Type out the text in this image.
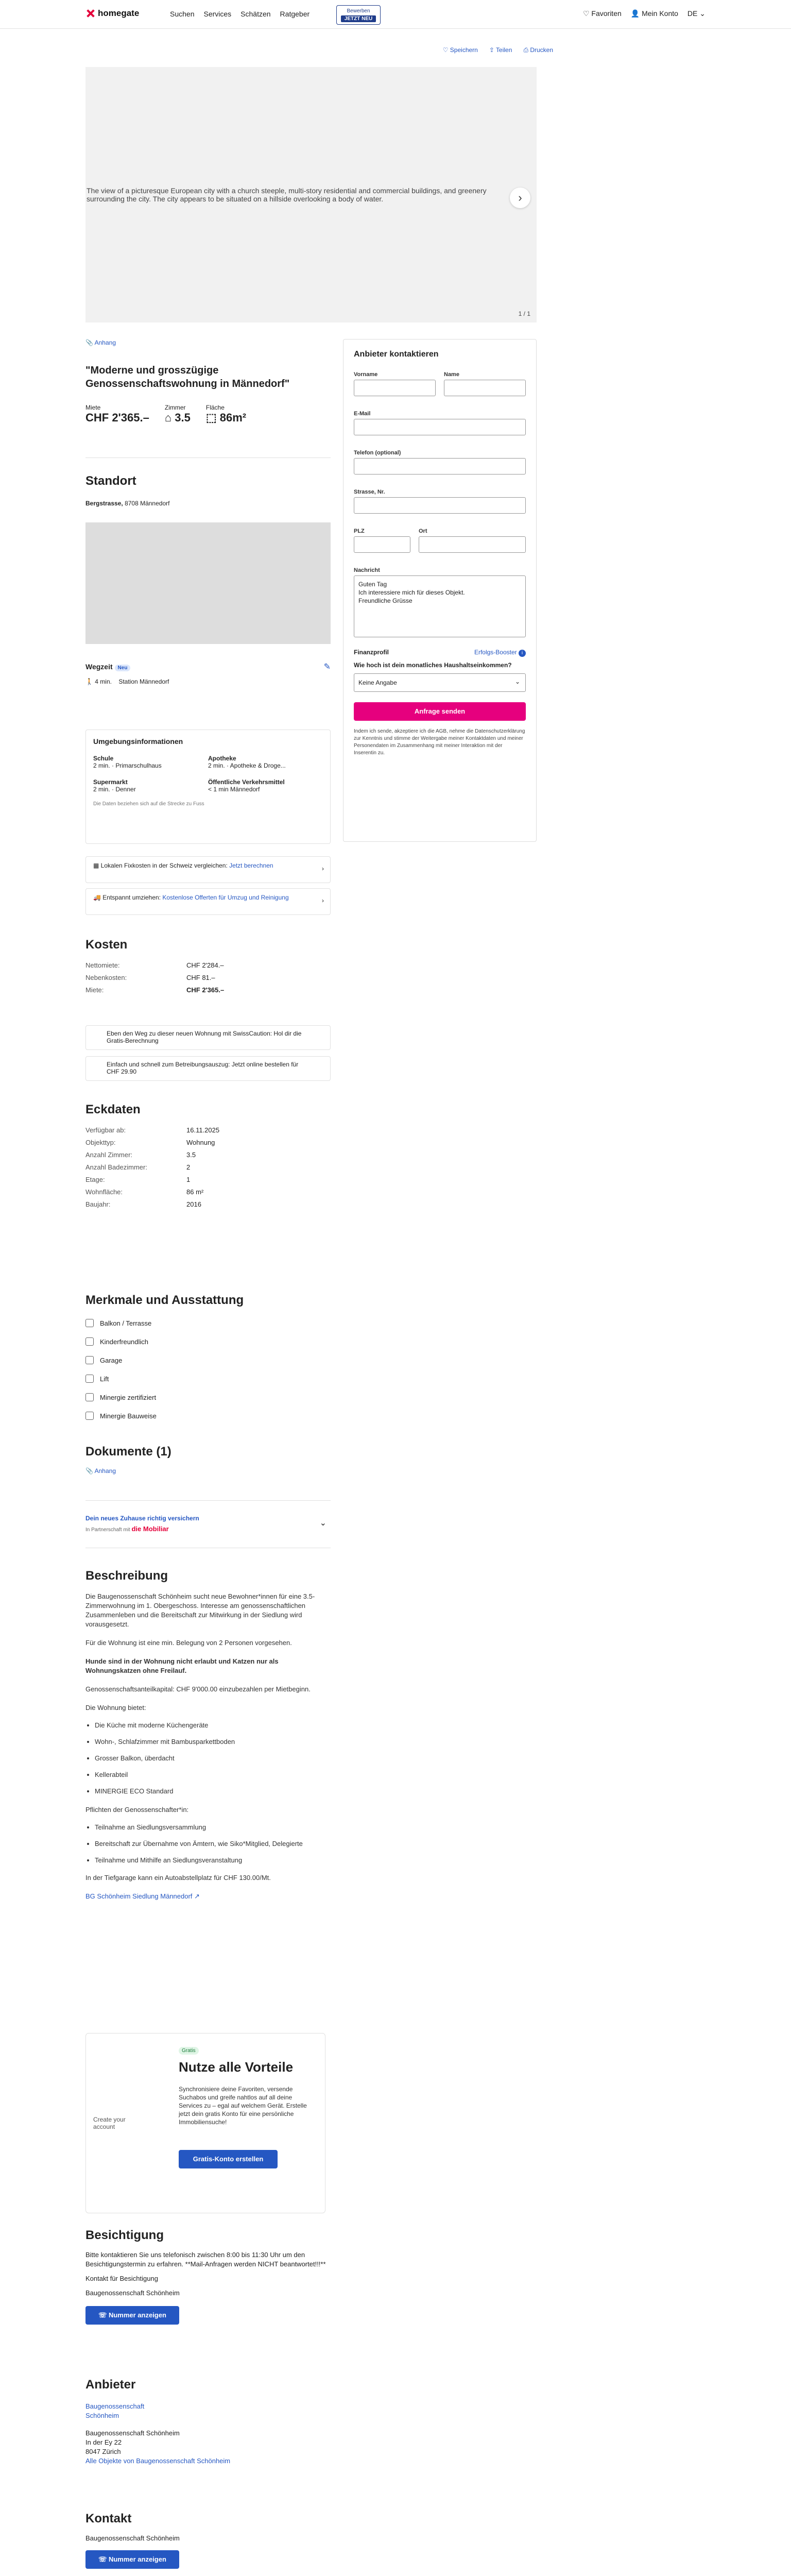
homegate	Suchen Services Schätzen Ratgeber	Bewerben
JETZT NEU
♡ Favoriten 👤 Mein Konto DE ⌄
♡ Speichern ⇪ Teilen ⎙ Drucken
The view of a picturesque European city with a church steeple, multi-story residential and commercial buildings, and greenery surrounding the city. The city appears to be situated on a hillside overlooking a body of water.	›
1 / 1
📎 Anhang
"Moderne und grosszügige Genossenschaftswohnung in Männedorf"
Miete
CHF 2'365.–
Zimmer
⌂ 3.5
Fläche
⬚ 86m²
Standort
Bergstrasse, 8708 Männedorf
Wegzeit Neu	✎
🚶 4 min. Station Männedorf
Umgebungsinformationen
Schule
2 min. · Primarschulhaus
Apotheke
2 min. · Apotheke & Droge...
Supermarkt
2 min. · Denner
Öffentliche Verkehrsmittel
< 1 min Männedorf
Die Daten beziehen sich auf die Strecke zu Fuss
▦ Lokalen Fixkosten in der Schweiz vergleichen: Jetzt berechnen	›
🚚 Entspannt umziehen: Kostenlose Offerten für Umzug und Reinigung	›
Kosten
Nettomiete:	CHF 2'284.–
Nebenkosten:	CHF 81.–
Miete:	CHF 2'365.–
Eben den Weg zu dieser neuen Wohnung mit SwissCaution: Hol dir die Gratis-Berechnung
Einfach und schnell zum Betreibungsauszug: Jetzt online bestellen für CHF 29.90
Eckdaten
Verfügbar ab:	16.11.2025
Objekttyp:	Wohnung
Anzahl Zimmer:	3.5
Anzahl Badezimmer:	2
Etage:	1
Wohnfläche:	86 m²
Baujahr:	2016
Merkmale und Ausstattung
Balkon / Terrasse
Kinderfreundlich
Garage
Lift
Minergie zertifiziert
Minergie Bauweise
Dokumente (1)
📎 Anhang
Dein neues Zuhause richtig versichern
In Partnerschaft mit die Mobiliar
⌄
Beschreibung

Die Baugenossenschaft Schönheim sucht neue Bewohner*innen für eine 3.5-Zimmerwohnung im 1. Obergeschoss. Interesse am genossenschaftlichen Zusammenleben und die Bereitschaft zur Mitwirkung in der Siedlung wird vorausgesetzt.

Für die Wohnung ist eine min. Belegung von 2 Personen vorgesehen.

Hunde sind in der Wohnung nicht erlaubt und Katzen nur als Wohnungskatzen ohne Freilauf.

Genossenschaftsanteilkapital: CHF 9'000.00 einzubezahlen per Mietbeginn.

Die Wohnung bietet:

• Die Küche mit moderne Küchengeräte
• Wohn-, Schlafzimmer mit Bambusparkettboden
• Grosser Balkon, überdacht
• Kellerabteil
• MINERGIE ECO Standard

Pflichten der Genossenschafter*in:

• Teilnahme an Siedlungsversammlung
• Bereitschaft zur Übernahme von Ämtern, wie Siko*Mitglied, Delegierte
• Teilnahme und Mithilfe an Siedlungsveranstaltung

In der Tiefgarage kann ein Autoabstellplatz für CHF 130.00/Mt.

BG Schönheim Siedlung Männedorf ↗

Create your account
Gratis
Nutze alle Vorteile
Synchronisiere deine Favoriten, versende Suchabos und greife nahtlos auf all deine Services zu – egal auf welchem Gerät. Erstelle jetzt dein gratis Konto für eine persönliche Immobiliensuche!
Gratis-Konto erstellen
Besichtigung

Bitte kontaktieren Sie uns telefonisch zwischen 8:00 bis 11:30 Uhr um den Besichtigungstermin zu erfahren. **Mail-Anfragen werden NICHT beantwortet!!!**

Kontakt für Besichtigung

Baugenossenschaft Schönheim

☏ Nummer anzeigen
Anbieter
Baugenossenschaft Schönheim
Baugenossenschaft Schönheim
In der Ey 22
8047 Zürich
Alle Objekte von Baugenossenschaft Schönheim
Kontakt
Baugenossenschaft Schönheim
☏ Nummer anzeigen
Anbieter kontaktieren
Vorname	Name
E-Mail
Telefon (optional)
Strasse, Nr.
PLZ	Ort
Nachricht
Guten Tag
Ich interessiere mich für dieses Objekt.
Freundliche Grüsse
Finanzprofil	Erfolgs-Booster i
Wie hoch ist dein monatliches Haushaltseinkommen?
Keine Angabe	⌄
Anfrage senden

Indem ich sende, akzeptiere ich die AGB, nehme die Datenschutzerklärung zur Kenntnis und stimme der Weitergabe meiner Kontaktdaten und meiner Personendaten im Zusammenhang mit meiner Interaktion mit der Inserentin zu.
